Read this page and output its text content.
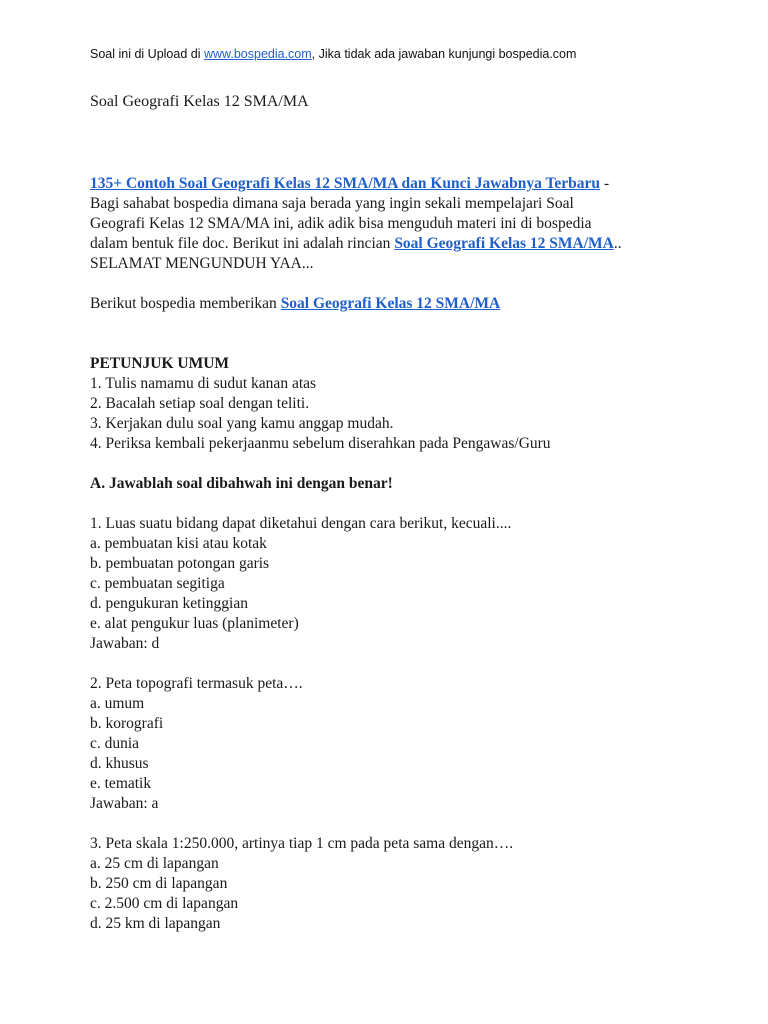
Soal ini di Upload di www.bospedia.com, Jika tidak ada jawaban kunjungi bospedia.com

Soal Geografi Kelas 12 SMA/MA

135+ Contoh Soal Geografi Kelas 12 SMA/MA dan Kunci Jawabnya Terbaru -

Bagi sahabat bospedia dimana saja berada yang ingin sekali mempelajari Soal

Geografi Kelas 12 SMA/MA ini, adik adik bisa menguduh materi ini di bospedia

dalam bentuk file doc. Berikut ini adalah rincian Soal Geografi Kelas 12 SMA/MA..

SELAMAT MENGUNDUH YAA...

Berikut bospedia memberikan Soal Geografi Kelas 12 SMA/MA

PETUNJUK UMUM

1. Tulis namamu di sudut kanan atas

2. Bacalah setiap soal dengan teliti.

3. Kerjakan dulu soal yang kamu anggap mudah.

4. Periksa kembali pekerjaanmu sebelum diserahkan pada Pengawas/Guru

A. Jawablah soal dibahwah ini dengan benar!

1. Luas suatu bidang dapat diketahui dengan cara berikut, kecuali....

a. pembuatan kisi atau kotak

b. pembuatan potongan garis

c. pembuatan segitiga

d. pengukuran ketinggian

e. alat pengukur luas (planimeter)

Jawaban: d

2. Peta topografi termasuk peta….

a. umum

b. korografi

c. dunia

d. khusus

e. tematik

Jawaban: a

3. Peta skala 1:250.000, artinya tiap 1 cm pada peta sama dengan….

a. 25 cm di lapangan

b. 250 cm di lapangan

c. 2.500 cm di lapangan

d. 25 km di lapangan
